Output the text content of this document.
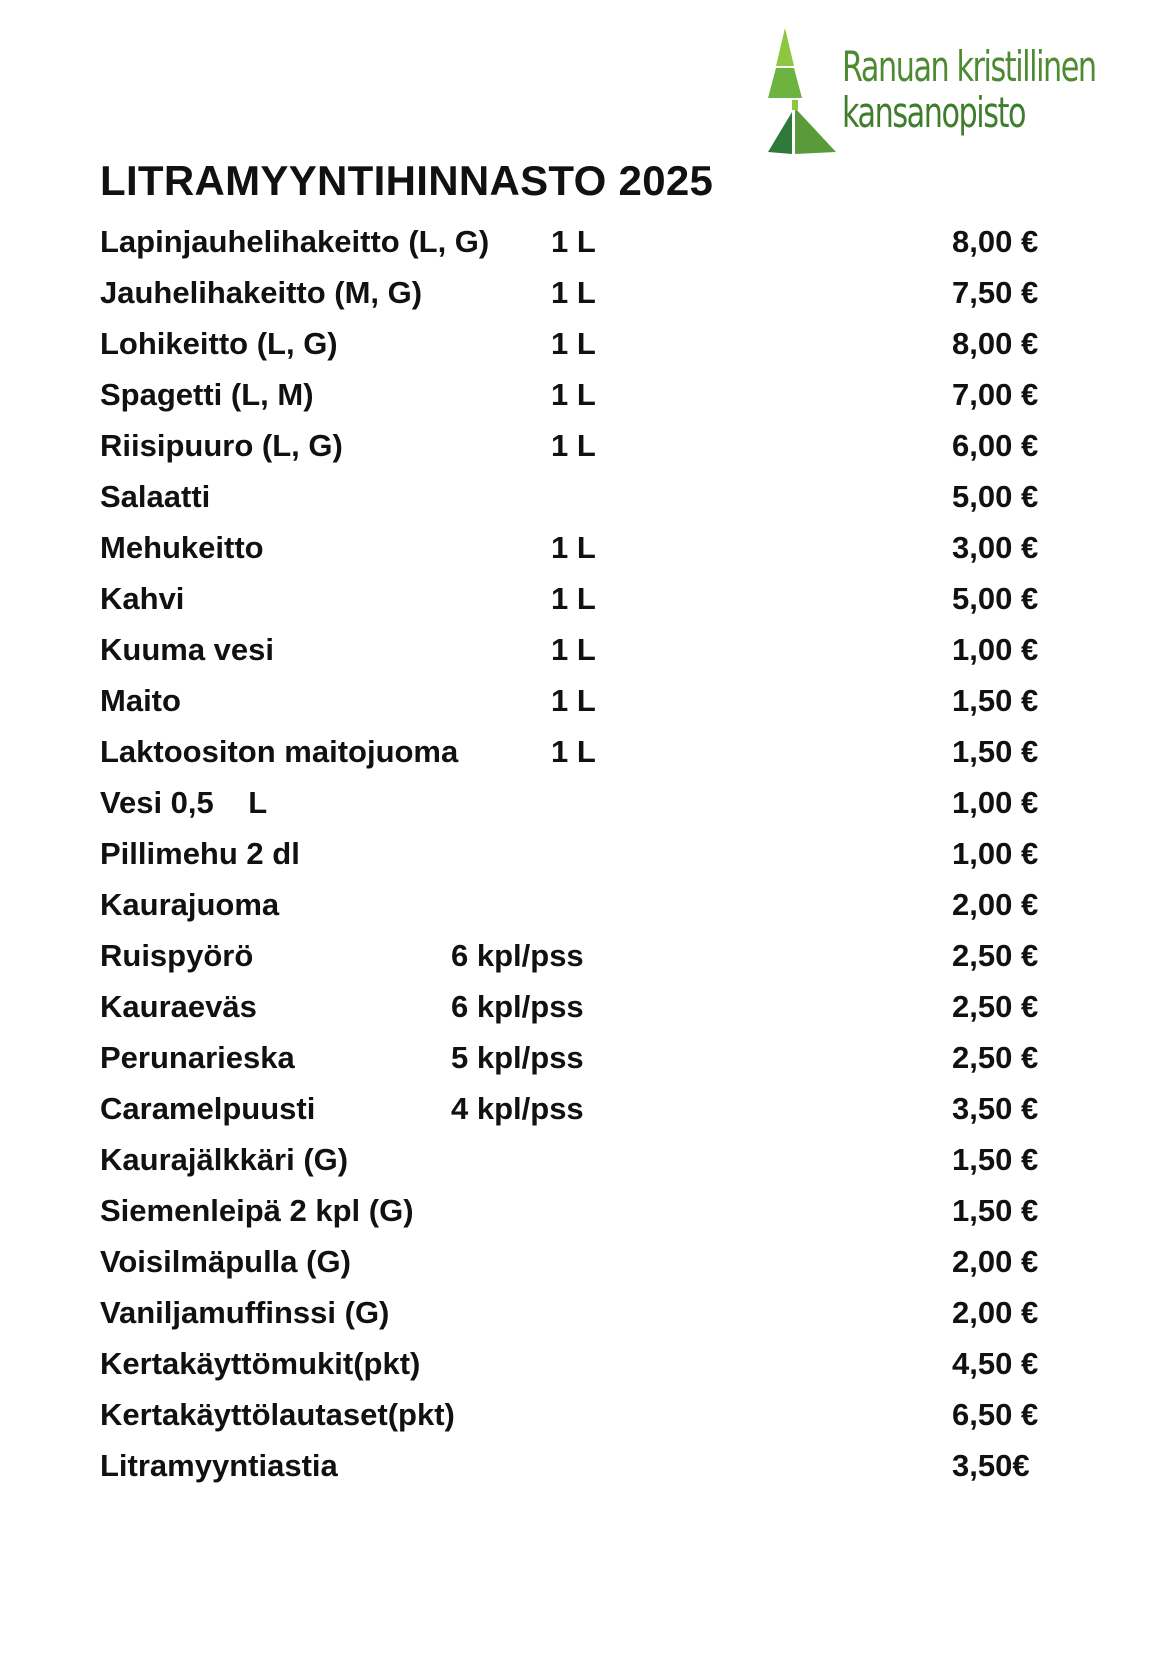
Ranuan kristillinen
kansanopisto
LITRAMYYNTIHINNASTO 2025
Lapinjauhelihakeitto (L, G) 1 L	8,00 €
Jauhelihakeitto (M, G)	1 L	7,50 €
Lohikeitto (L, G)	1 L	8,00 €
Spagetti (L, M)	1 L	7,00 €
Riisipuuro (L, G)	1 L	6,00 €
Salaatti	5,00 €
Mehukeitto	1 L	3,00 €
Kahvi	1 L	5,00 €
Kuuma vesi	1 L	1,00 €
Maito	1 L	1,50 €
Laktoositon maitojuoma	1 L	1,50 €
Vesi 0,5    L	1,00 €
Pillimehu 2 dl	1,00 €
Kaurajuoma	2,00 €
Ruispyörö	6 kpl/pss	2,50 €
Kauraeväs	6 kpl/pss	2,50 €
Perunarieska	5 kpl/pss	2,50 €
Caramelpuusti	4 kpl/pss	3,50 €
Kaurajälkkäri (G)	1,50 €
Siemenleipä 2 kpl (G)	1,50 €
Voisilmäpulla (G)	2,00 €
Vaniljamuffinssi (G)	2,00 €
Kertakäyttömukit(pkt)	4,50 €
Kertakäyttölautaset(pkt)	6,50 €
Litramyyntiastia	3,50€
